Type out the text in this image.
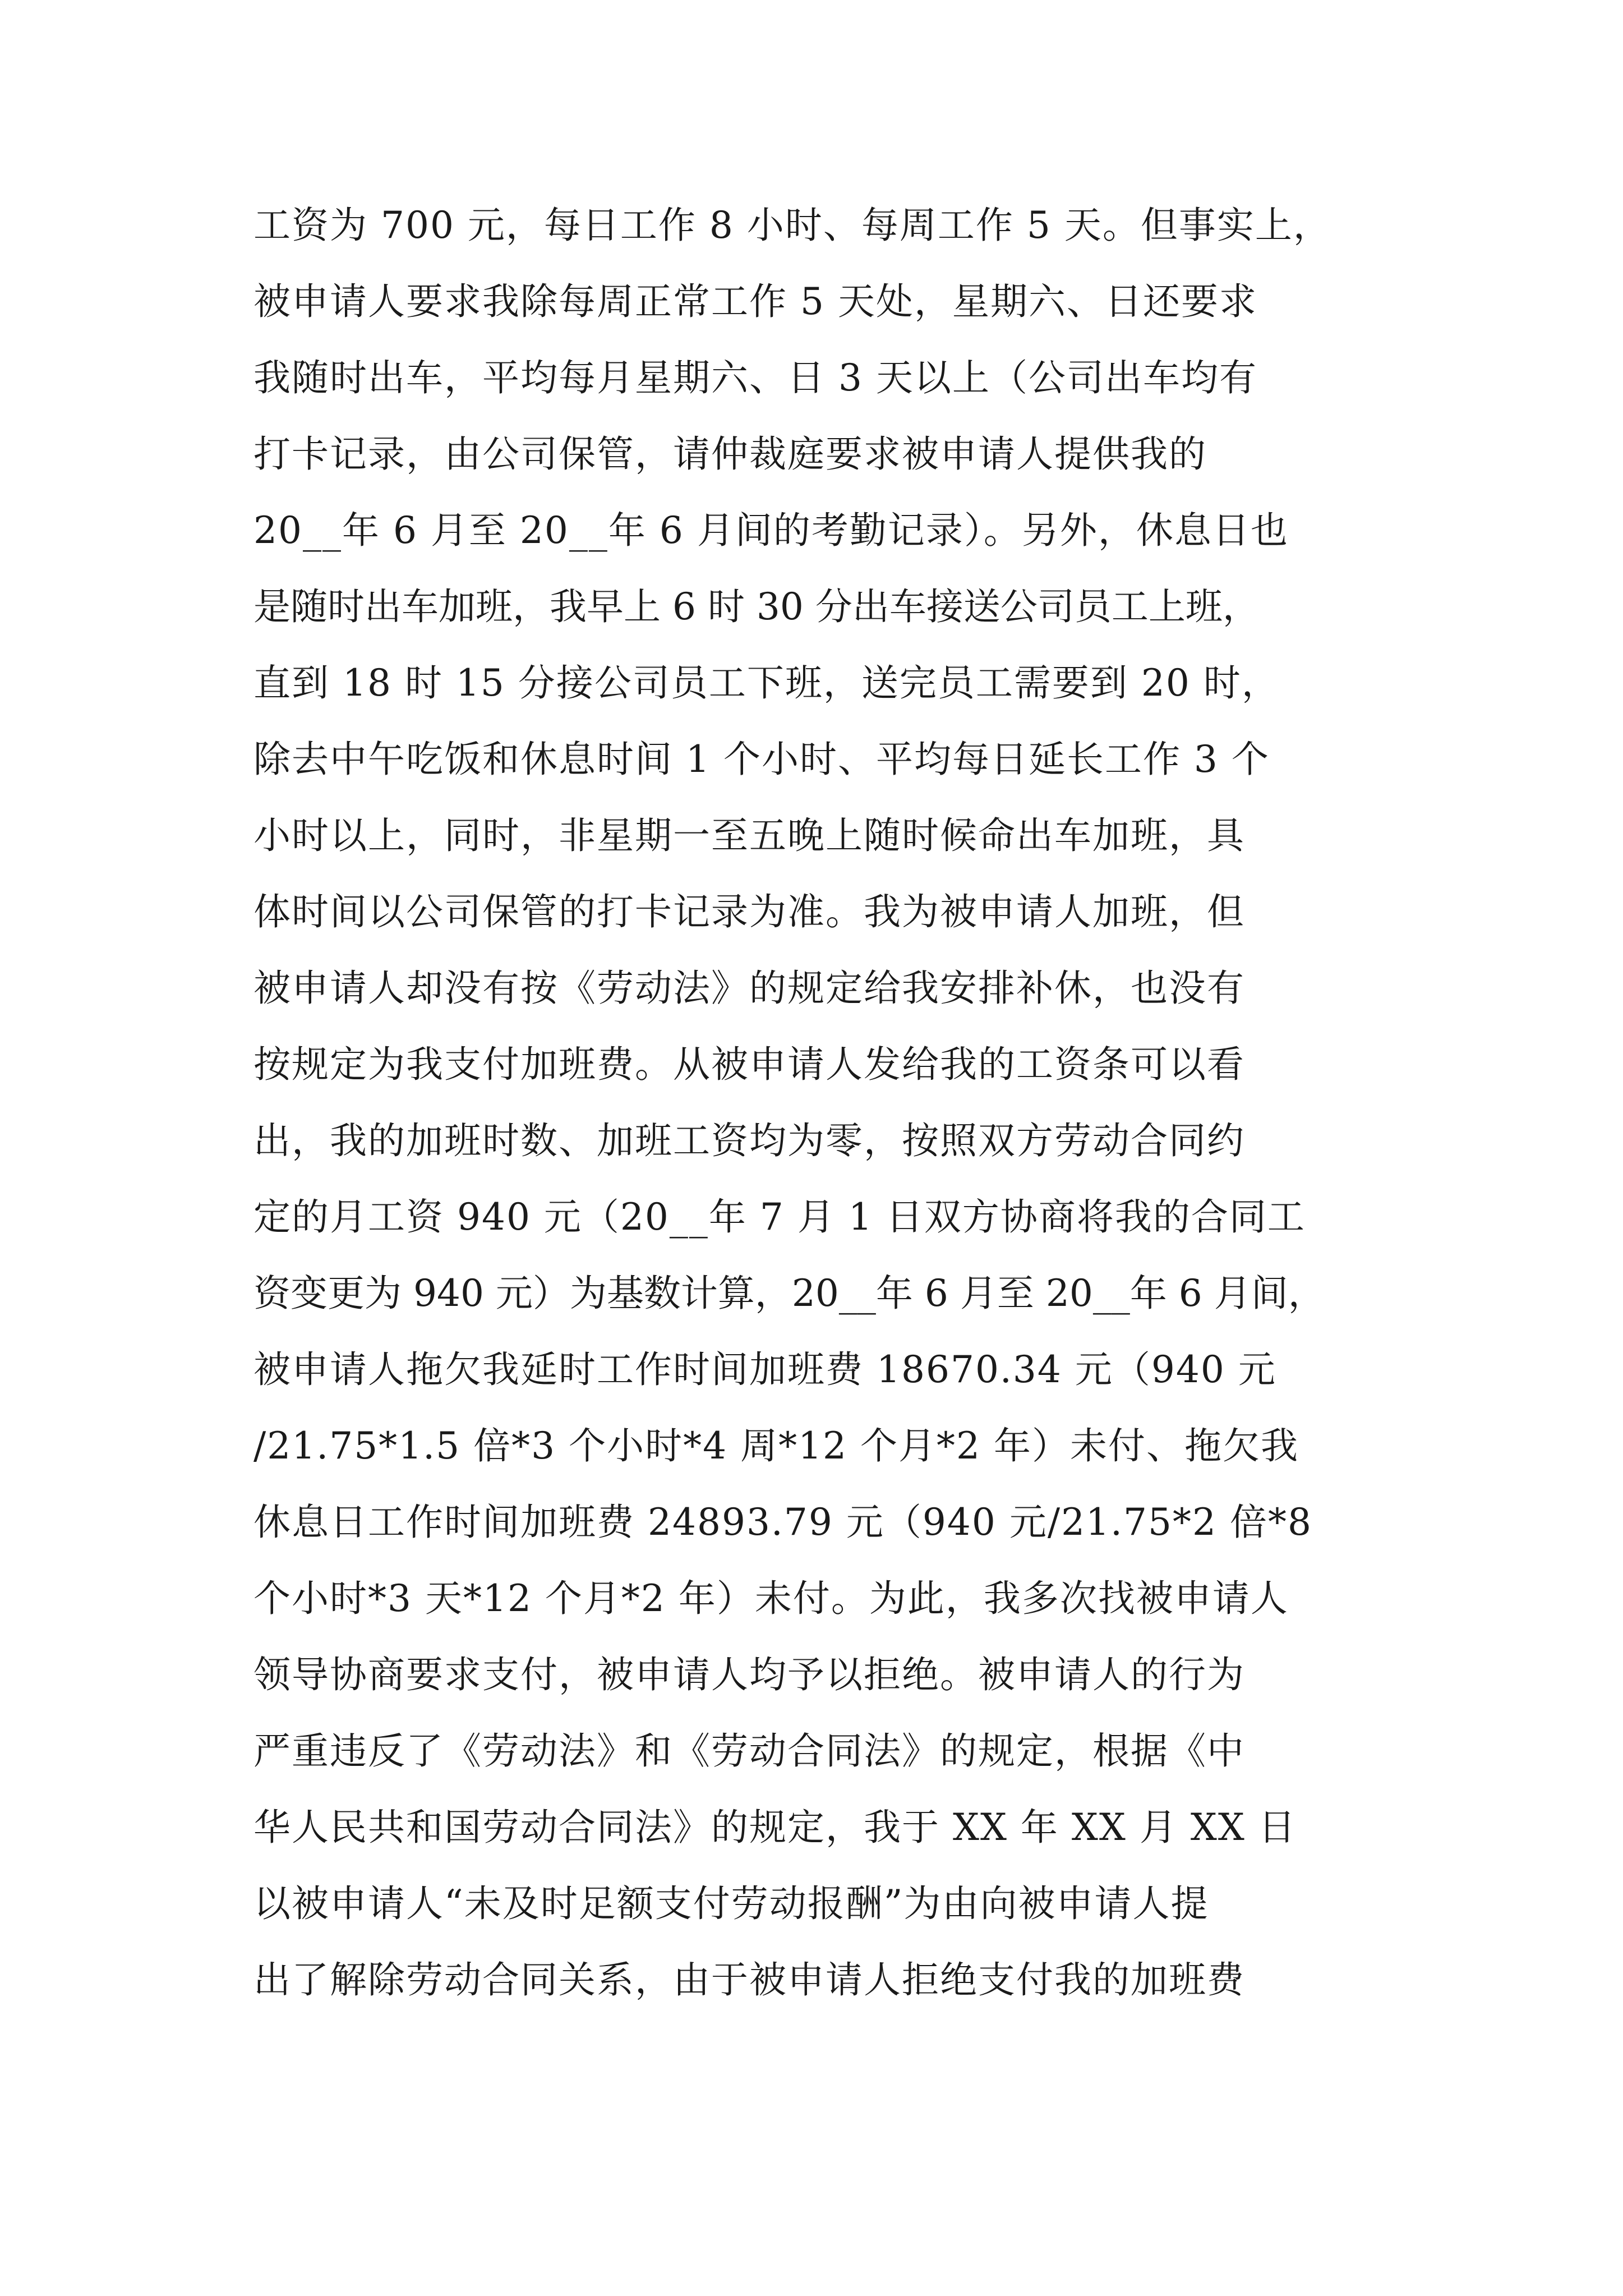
工资为 700 元，每日工作 8 小时、每周工作 5 天。但事实上，
被申请人要求我除每周正常工作 5 天处，星期六、日还要求
我随时出车，平均每月星期六、日 3 天以上（公司出车均有
打卡记录，由公司保管，请仲裁庭要求被申请人提供我的
20__年 6 月至 20__年 6 月间的考勤记录）。另外，休息日也
是随时出车加班，我早上 6 时 30 分出车接送公司员工上班，
直到 18 时 15 分接公司员工下班，送完员工需要到 20 时，
除去中午吃饭和休息时间 1 个小时、平均每日延长工作 3 个
小时以上，同时，非星期一至五晚上随时候命出车加班，具
体时间以公司保管的打卡记录为准。我为被申请人加班，但
被申请人却没有按《劳动法》的规定给我安排补休，也没有
按规定为我支付加班费。从被申请人发给我的工资条可以看
出，我的加班时数、加班工资均为零，按照双方劳动合同约
定的月工资 940 元（20__年 7 月 1 日双方协商将我的合同工
资变更为 940 元）为基数计算，20__年 6 月至 20__年 6 月间，
被申请人拖欠我延时工作时间加班费 18670.34 元（940 元
/21.75*1.5 倍*3 个小时*4 周*12 个月*2 年）未付、拖欠我
休息日工作时间加班费 24893.79 元（940 元/21.75*2 倍*8
个小时*3 天*12 个月*2 年）未付。为此，我多次找被申请人
领导协商要求支付，被申请人均予以拒绝。被申请人的行为
严重违反了《劳动法》和《劳动合同法》的规定，根据《中
华人民共和国劳动合同法》的规定，我于 XX 年 XX 月 XX 日
以被申请人“未及时足额支付劳动报酬”为由向被申请人提
出了解除劳动合同关系，由于被申请人拒绝支付我的加班费
